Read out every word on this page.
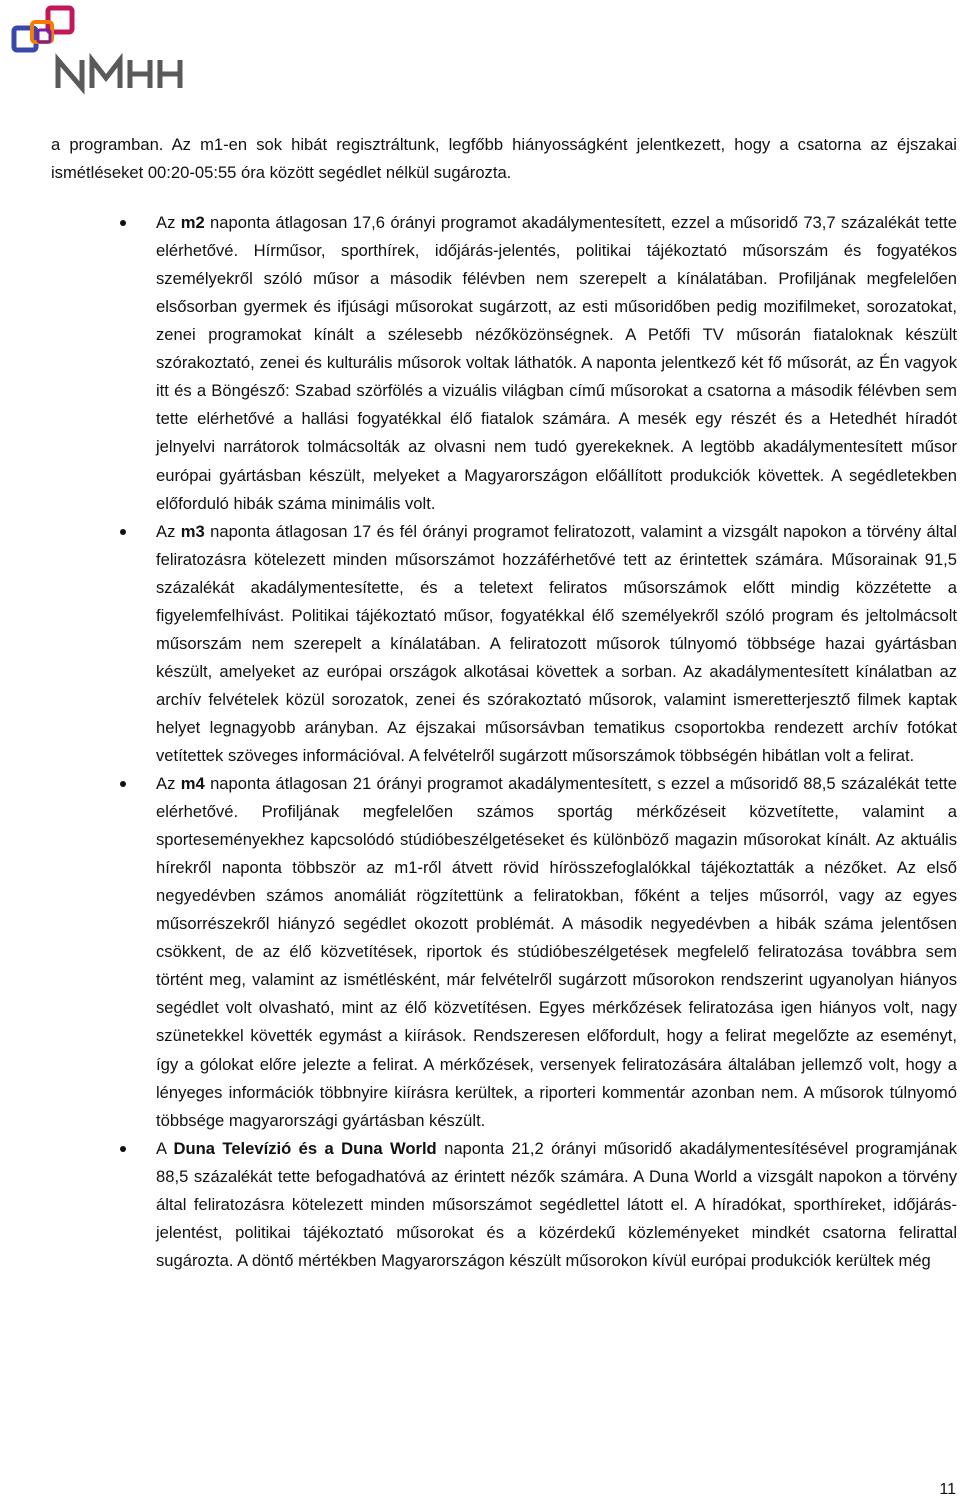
a programban. Az m1-en sok hibát regisztráltunk, legfőbb hiányosságként jelentkezett, hogy a csatorna az éjszakai ismétléseket 00:20-05:55 óra között segédlet nélkül sugározta.

Az m2 naponta átlagosan 17,6 órányi programot akadálymentesített, ezzel a műsoridő 73,7 százalékát tette elérhetővé. Hírműsor, sporthírek, időjárás-jelentés, politikai tájékoztató műsorszám és fogyatékos személyekről szóló műsor a második félévben nem szerepelt a kínálatában. Profiljának megfelelően elsősorban gyermek és ifjúsági műsorokat sugárzott, az esti műsoridőben pedig mozifilmeket, sorozatokat, zenei programokat kínált a szélesebb nézőközönségnek. A Petőfi TV műsorán fiataloknak készült szórakoztató, zenei és kulturális műsorok voltak láthatók. A naponta jelentkező két fő műsorát, az Én vagyok itt és a Böngésző: Szabad szörfölés a vizuális világban című műsorokat a csatorna a második félévben sem tette elérhetővé a hallási fogyatékkal élő fiatalok számára. A mesék egy részét és a Hetedhét híradót jelnyelvi narrátorok tolmácsolták az olvasni nem tudó gyerekeknek. A legtöbb akadálymentesített műsor európai gyártásban készült, melyeket a Magyarországon előállított produkciók követtek. A segédletekben előforduló hibák száma minimális volt.
Az m3 naponta átlagosan 17 és fél órányi programot feliratozott, valamint a vizsgált napokon a törvény által feliratozásra kötelezett minden műsorszámot hozzáférhetővé tett az érintettek számára. Műsorainak 91,5 százalékát akadálymentesítette, és a teletext feliratos műsorszámok előtt mindig közzétette a figyelemfelhívást. Politikai tájékoztató műsor, fogyatékkal élő személyekről szóló program és jeltolmácsolt műsorszám nem szerepelt a kínálatában. A feliratozott műsorok túlnyomó többsége hazai gyártásban készült, amelyeket az európai országok alkotásai követtek a sorban. Az akadálymentesített kínálatban az archív felvételek közül sorozatok, zenei és szórakoztató műsorok, valamint ismeretterjesztő filmek kaptak helyet legnagyobb arányban. Az éjszakai műsorsávban tematikus csoportokba rendezett archív fotókat vetítettek szöveges információval. A felvételről sugárzott műsorszámok többségén hibátlan volt a felirat.
Az m4 naponta átlagosan 21 órányi programot akadálymentesített, s ezzel a műsoridő 88,5 százalékát tette elérhetővé. Profiljának megfelelően számos sportág mérkőzéseit közvetítette, valamint a sporteseményekhez kapcsolódó stúdióbeszélgetéseket és különböző magazin műsorokat kínált. Az aktuális hírekről naponta többször az m1-ről átvett rövid hírösszefoglalókkal tájékoztatták a nézőket. Az első negyedévben számos anomáliát rögzítettünk a feliratokban, főként a teljes műsorról, vagy az egyes műsorrészekről hiányzó segédlet okozott problémát. A második negyedévben a hibák száma jelentősen csökkent, de az élő közvetítések, riportok és stúdióbeszélgetések megfelelő feliratozása továbbra sem történt meg, valamint az ismétlésként, már felvételről sugárzott műsorokon rendszerint ugyanolyan hiányos segédlet volt olvasható, mint az élő közvetítésen. Egyes mérkőzések feliratozása igen hiányos volt, nagy szünetekkel követték egymást a kiírások. Rendszeresen előfordult, hogy a felirat megelőzte az eseményt, így a gólokat előre jelezte a felirat. A mérkőzések, versenyek feliratozására általában jellemző volt, hogy a lényeges információk többnyire kiírásra kerültek, a riporteri kommentár azonban nem. A műsorok túlnyomó többsége magyarországi gyártásban készült.
A Duna Televízió és a Duna World naponta 21,2 órányi műsoridő akadálymentesítésével programjának 88,5 százalékát tette befogadhatóvá az érintett nézők számára. A Duna World a vizsgált napokon a törvény által feliratozásra kötelezett minden műsorszámot segédlettel látott el. A híradókat, sporthíreket, időjárás-jelentést, politikai tájékoztató műsorokat és a közérdekű közleményeket mindkét csatorna felirattal sugározta. A döntő mértékben Magyarországon készült műsorokon kívül európai produkciók kerültek még
11
